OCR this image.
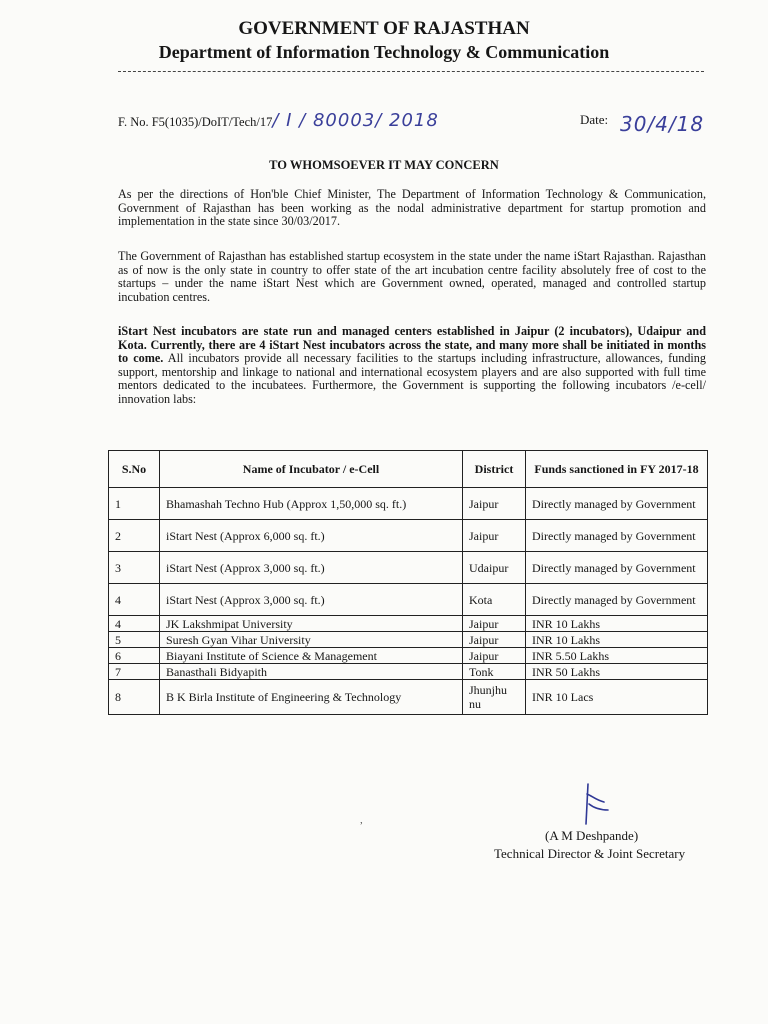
GOVERNMENT OF RAJASTHAN
Department of Information Technology & Communication
F. No. F5(1035)/DoIT/Tech/17/ I / 80003/ 2018	Date: 30/4/18
TO WHOMSOEVER IT MAY CONCERN
As per the directions of Hon'ble Chief Minister, The Department of Information Technology & Communication, Government of Rajasthan has been working as the nodal administrative department for startup promotion and implementation in the state since 30/03/2017.
The Government of Rajasthan has established startup ecosystem in the state under the name iStart Rajasthan. Rajasthan as of now is the only state in country to offer state of the art incubation centre facility absolutely free of cost to the startups – under the name iStart Nest which are Government owned, operated, managed and controlled startup incubation centres.
iStart Nest incubators are state run and managed centers established in Jaipur (2 incubators), Udaipur and Kota. Currently, there are 4 iStart Nest incubators across the state, and many more shall be initiated in months to come. All incubators provide all necessary facilities to the startups including infrastructure, allowances, funding support, mentorship and linkage to national and international ecosystem players and are also supported with full time mentors dedicated to the incubatees. Furthermore, the Government is supporting the following incubators /e-cell/ innovation labs:
S.No	Name of Incubator / e-Cell	District	Funds sanctioned in FY 2017-18
1	Bhamashah Techno Hub (Approx 1,50,000 sq. ft.)	Jaipur	Directly managed by Government
2	iStart Nest (Approx 6,000 sq. ft.)	Jaipur	Directly managed by Government
3	iStart Nest (Approx 3,000 sq. ft.)	Udaipur	Directly managed by Government
4	iStart Nest (Approx 3,000 sq. ft.)	Kota	Directly managed by Government
4	JK Lakshmipat University	Jaipur	INR 10 Lakhs
5	Suresh Gyan Vihar University	Jaipur	INR 10 Lakhs
6	Biayani Institute of Science & Management	Jaipur	INR 5.50 Lakhs
7	Banasthali Bidyapith	Tonk	INR 50 Lakhs
8	B K Birla Institute of Engineering & Technology	Jhunjhu nu	INR 10 Lacs
,
(A M Deshpande)
Technical Director & Joint Secretary
